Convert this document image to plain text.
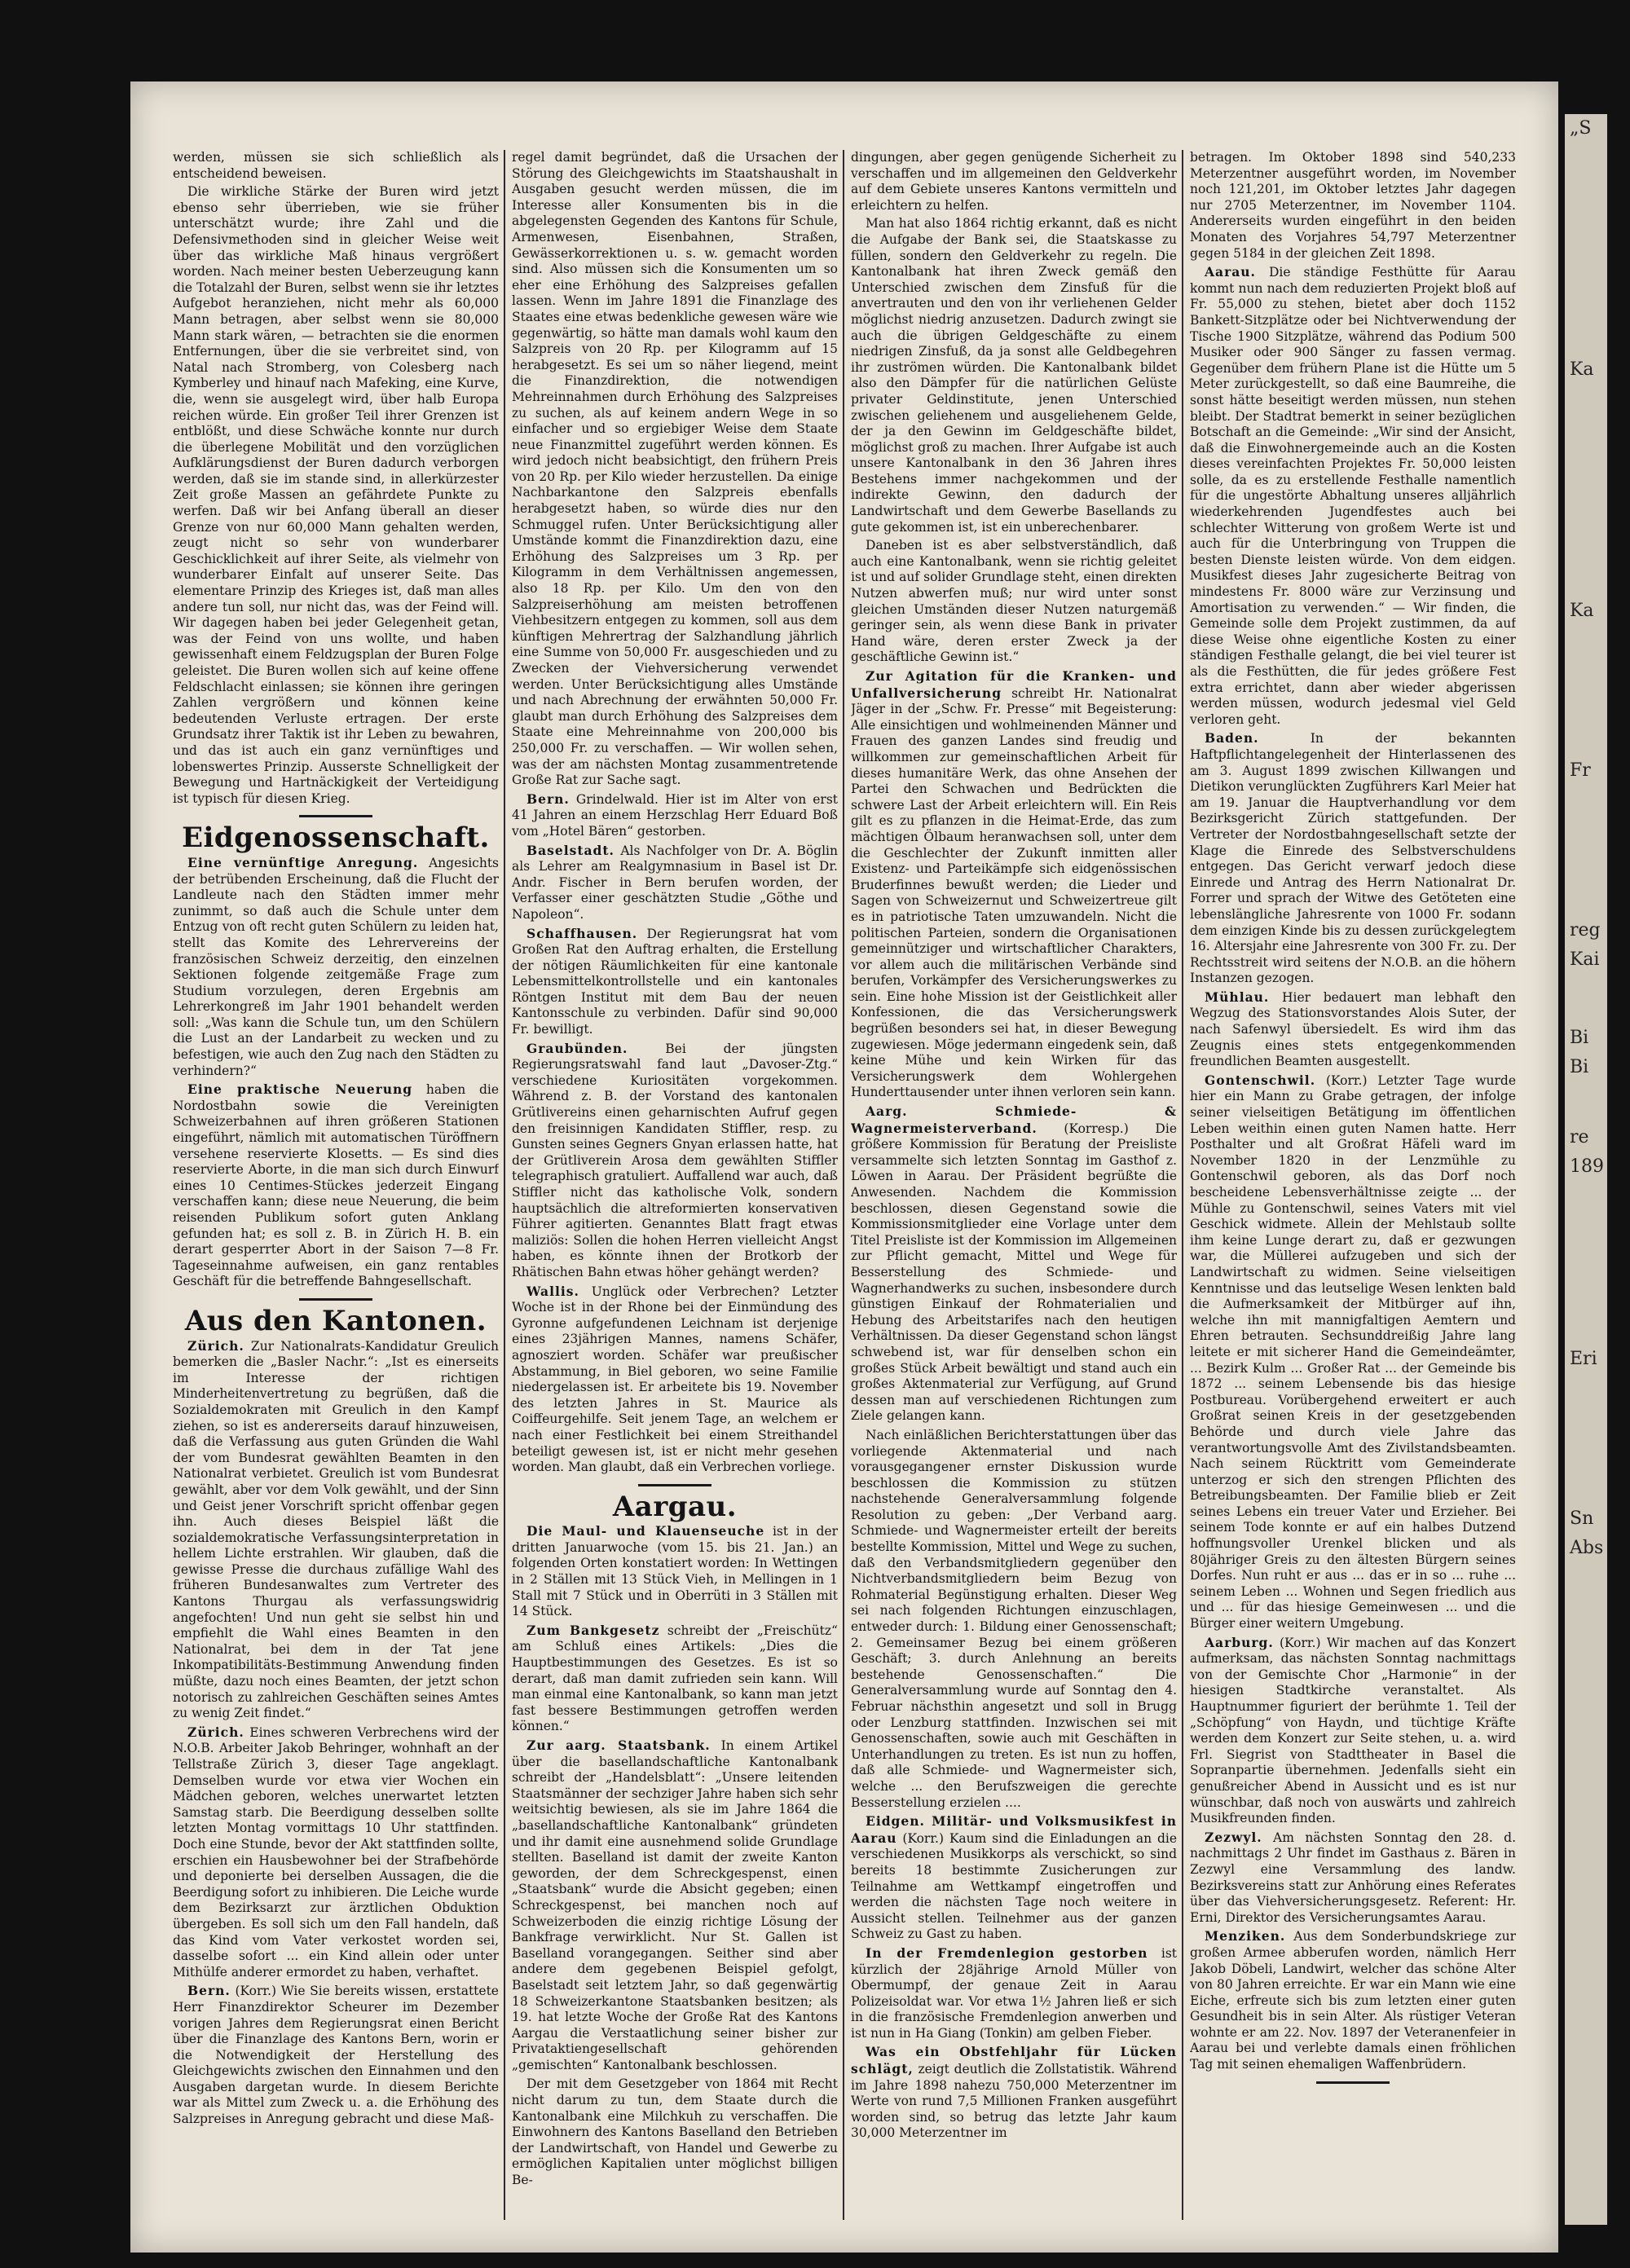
„S
Ka
Ka
Fr
reg
Kai
Bi
Bi
re
189
Eri
Sn
Abs

werden, müssen sie sich schließlich als entscheidend beweisen.

Die wirkliche Stärke der Buren wird jetzt ebenso sehr überrieben, wie sie früher unterschätzt wurde; ihre Zahl und die Defensivmethoden sind in gleicher Weise weit über das wirkliche Maß hinaus vergrößert worden. Nach meiner besten Ueberzeugung kann die Totalzahl der Buren, selbst wenn sie ihr letztes Aufgebot heranziehen, nicht mehr als 60,000 Mann betragen, aber selbst wenn sie 80,000 Mann stark wären, — betrachten sie die enormen Entfernungen, über die sie verbreitet sind, von Natal nach Stromberg, von Colesberg nach Kymberley und hinauf nach Mafeking, eine Kurve, die, wenn sie ausgelegt wird, über halb Europa reichen würde. Ein großer Teil ihrer Grenzen ist entblößt, und diese Schwäche konnte nur durch die überlegene Mobilität und den vorzüglichen Aufklärungsdienst der Buren dadurch verborgen werden, daß sie im stande sind, in allerkürzester Zeit große Massen an gefährdete Punkte zu werfen. Daß wir bei Anfang überall an dieser Grenze von nur 60,000 Mann gehalten werden, zeugt nicht so sehr von wunderbarer Geschicklichkeit auf ihrer Seite, als vielmehr von wunderbarer Einfalt auf unserer Seite. Das elementare Prinzip des Krieges ist, daß man alles andere tun soll, nur nicht das, was der Feind will. Wir dagegen haben bei jeder Gelegenheit getan, was der Feind von uns wollte, und haben gewissenhaft einem Feldzugsplan der Buren Folge geleistet. Die Buren wollen sich auf keine offene Feldschlacht einlassen; sie können ihre geringen Zahlen vergrößern und können keine bedeutenden Verluste ertragen. Der erste Grundsatz ihrer Taktik ist ihr Leben zu bewahren, und das ist auch ein ganz vernünftiges und lobenswertes Prinzip. Ausserste Schnelligkeit der Bewegung und Hartnäckigkeit der Verteidigung ist typisch für diesen Krieg.

Eidgenossenschaft.

Eine vernünftige Anregung. Angesichts der betrübenden Erscheinung, daß die Flucht der Landleute nach den Städten immer mehr zunimmt, so daß auch die Schule unter dem Entzug von oft recht guten Schülern zu leiden hat, stellt das Komite des Lehrervereins der französischen Schweiz derzeitig, den einzelnen Sektionen folgende zeitgemäße Frage zum Studium vorzulegen, deren Ergebnis am Lehrerkongreß im Jahr 1901 behandelt werden soll: „Was kann die Schule tun, um den Schülern die Lust an der Landarbeit zu wecken und zu befestigen, wie auch den Zug nach den Städten zu verhindern?“

Eine praktische Neuerung haben die Nordostbahn sowie die Vereinigten Schweizerbahnen auf ihren größeren Stationen eingeführt, nämlich mit automatischen Türöffnern versehene reservierte Klosetts. — Es sind dies reservierte Aborte, in die man sich durch Einwurf eines 10 Centimes-Stückes jederzeit Eingang verschaffen kann; diese neue Neuerung, die beim reisenden Publikum sofort guten Anklang gefunden hat; es soll z. B. in Zürich H. B. ein derart gesperrter Abort in der Saison 7—8 Fr. Tageseinnahme aufweisen, ein ganz rentables Geschäft für die betreffende Bahngesellschaft.

Aus den Kantonen.

Zürich. Zur Nationalrats-Kandidatur Greulich bemerken die „Basler Nachr.“: „Ist es einerseits im Interesse der richtigen Minderheitenvertretung zu begrüßen, daß die Sozialdemokraten mit Greulich in den Kampf ziehen, so ist es andererseits darauf hinzuweisen, daß die Verfassung aus guten Gründen die Wahl der vom Bundesrat gewählten Beamten in den Nationalrat verbietet. Greulich ist vom Bundesrat gewählt, aber vor dem Volk gewählt, und der Sinn und Geist jener Vorschrift spricht offenbar gegen ihn. Auch dieses Beispiel läßt die sozialdemokratische Verfassungsinterpretation in hellem Lichte erstrahlen. Wir glauben, daß die gewisse Presse die durchaus zufällige Wahl des früheren Bundesanwaltes zum Vertreter des Kantons Thurgau als verfassungswidrig angefochten! Und nun geht sie selbst hin und empfiehlt die Wahl eines Beamten in den Nationalrat, bei dem in der Tat jene Inkompatibilitäts-Bestimmung Anwendung finden müßte, dazu noch eines Beamten, der jetzt schon notorisch zu zahlreichen Geschäften seines Amtes zu wenig Zeit findet.“

Zürich. Eines schweren Verbrechens wird der N.O.B. Arbeiter Jakob Behringer, wohnhaft an der Tellstraße Zürich 3, dieser Tage angeklagt. Demselben wurde vor etwa vier Wochen ein Mädchen geboren, welches unerwartet letzten Samstag starb. Die Beerdigung desselben sollte letzten Montag vormittags 10 Uhr stattfinden. Doch eine Stunde, bevor der Akt stattfinden sollte, erschien ein Hausbewohner bei der Strafbehörde und deponierte bei derselben Aussagen, die die Beerdigung sofort zu inhibieren. Die Leiche wurde dem Bezirksarzt zur ärztlichen Obduktion übergeben. Es soll sich um den Fall handeln, daß das Kind vom Vater verkostet worden sei, dasselbe sofort ... ein Kind allein oder unter Mithülfe anderer ermordet zu haben, verhaftet.

Bern. (Korr.) Wie Sie bereits wissen, erstattete Herr Finanzdirektor Scheurer im Dezember vorigen Jahres dem Regierungsrat einen Bericht über die Finanzlage des Kantons Bern, worin er die Notwendigkeit der Herstellung des Gleichgewichts zwischen den Einnahmen und den Ausgaben dargetan wurde. In diesem Berichte war als Mittel zum Zweck u. a. die Erhöhung des Salzpreises in Anregung gebracht und diese Maß-

regel damit begründet, daß die Ursachen der Störung des Gleichgewichts im Staatshaushalt in Ausgaben gesucht werden müssen, die im Interesse aller Konsumenten bis in die abgelegensten Gegenden des Kantons für Schule, Armenwesen, Eisenbahnen, Straßen, Gewässerkorrektionen u. s. w. gemacht worden sind. Also müssen sich die Konsumenten um so eher eine Erhöhung des Salzpreises gefallen lassen. Wenn im Jahre 1891 die Finanzlage des Staates eine etwas bedenkliche gewesen wäre wie gegenwärtig, so hätte man damals wohl kaum den Salzpreis von 20 Rp. per Kilogramm auf 15 herabgesetzt. Es sei um so näher liegend, meint die Finanzdirektion, die notwendigen Mehreinnahmen durch Erhöhung des Salzpreises zu suchen, als auf keinem andern Wege in so einfacher und so ergiebiger Weise dem Staate neue Finanzmittel zugeführt werden können. Es wird jedoch nicht beabsichtigt, den frühern Preis von 20 Rp. per Kilo wieder herzustellen. Da einige Nachbarkantone den Salzpreis ebenfalls herabgesetzt haben, so würde dies nur den Schmuggel rufen. Unter Berücksichtigung aller Umstände kommt die Finanzdirektion dazu, eine Erhöhung des Salzpreises um 3 Rp. per Kilogramm in dem Verhältnissen angemessen, also 18 Rp. per Kilo. Um den von den Salzpreiserhöhung am meisten betroffenen Viehbesitzern entgegen zu kommen, soll aus dem künftigen Mehrertrag der Salzhandlung jährlich eine Summe von 50,000 Fr. ausgeschieden und zu Zwecken der Viehversicherung verwendet werden. Unter Berücksichtigung alles Umstände und nach Abrechnung der erwähnten 50,000 Fr. glaubt man durch Erhöhung des Salzpreises dem Staate eine Mehreinnahme von 200,000 bis 250,000 Fr. zu verschaffen. — Wir wollen sehen, was der am nächsten Montag zusammentretende Große Rat zur Sache sagt.

Bern. Grindelwald. Hier ist im Alter von erst 41 Jahren an einem Herzschlag Herr Eduard Boß vom „Hotel Bären“ gestorben.

Baselstadt. Als Nachfolger von Dr. A. Böglin als Lehrer am Realgymnasium in Basel ist Dr. Andr. Fischer in Bern berufen worden, der Verfasser einer geschätzten Studie „Göthe und Napoleon“.

Schaffhausen. Der Regierungsrat hat vom Großen Rat den Auftrag erhalten, die Erstellung der nötigen Räumlichkeiten für eine kantonale Lebensmittelkontrollstelle und ein kantonales Röntgen Institut mit dem Bau der neuen Kantonsschule zu verbinden. Dafür sind 90,000 Fr. bewilligt.

Graubünden.	Bei der jüngsten Regierungsratswahl fand laut „Davoser-Ztg.“ verschiedene Kuriositäten vorgekommen. Während z. B. der Vorstand des kantonalen Grütlivereins einen geharnischten Aufruf gegen den freisinnigen Kandidaten Stiffler, resp. zu Gunsten seines Gegners Gnyan erlassen hatte, hat der Grütliverein Arosa dem gewählten Stiffler telegraphisch gratuliert. Auffallend war auch, daß Stiffler nicht das katholische Volk, sondern hauptsächlich die altreformierten konservativen Führer agitierten. Genanntes Blatt fragt etwas maliziös: Sollen die hohen Herren vielleicht Angst haben, es könnte ihnen der Brotkorb der Rhätischen Bahn etwas höher gehängt werden?

Wallis. Unglück oder Verbrechen? Letzter Woche ist in der Rhone bei der Einmündung des Gyronne aufgefundenen Leichnam ist derjenige eines 23jährigen Mannes, namens Schäfer, agnosziert worden. Schäfer war preußischer Abstammung, in Biel geboren, wo seine Familie niedergelassen ist. Er arbeitete bis 19. November des letzten Jahres in St. Maurice als Coiffeurgehilfe. Seit jenem Tage, an welchem er nach einer Festlichkeit bei einem Streithandel beteiligt gewesen ist, ist er nicht mehr gesehen worden. Man glaubt, daß ein Verbrechen vorliege.

Aargau.

Die Maul- und Klauenseuche ist in der dritten Januarwoche (vom 15. bis 21. Jan.) an folgenden Orten konstatiert worden: In Wettingen in 2 Ställen mit 13 Stück Vieh, in Mellingen in 1 Stall mit 7 Stück und in Oberrüti in 3 Ställen mit 14 Stück.

Zum Bankgesetz schreibt der „Freischütz“ am Schluß eines Artikels: „Dies die Hauptbestimmungen des Gesetzes. Es ist so derart, daß man damit zufrieden sein kann. Will man einmal eine Kantonalbank, so kann man jetzt fast bessere Bestimmungen getroffen werden können.“

Zur aarg. Staatsbank. In einem Artikel über die basellandschaftliche Kantonalbank schreibt der „Handelsblatt“: „Unsere leitenden Staatsmänner der sechziger Jahre haben sich sehr weitsichtig bewiesen, als sie im Jahre 1864 die „basellandschaftliche Kantonalbank“ gründeten und ihr damit eine ausnehmend solide Grundlage stellten. Baselland ist damit der zweite Kanton geworden, der dem Schreckgespenst, einen „Staatsbank“ wurde die Absicht gegeben; einen Schreckgespenst, bei manchen noch auf Schweizerboden die einzig richtige Lösung der Bankfrage verwirklicht. Nur St. Gallen ist Baselland vorangegangen. Seither sind aber andere dem gegebenen Beispiel gefolgt, Baselstadt seit letztem Jahr, so daß gegenwärtig 18 Schweizerkantone Staatsbanken besitzen; als 19. hat letzte Woche der Große Rat des Kantons Aargau die Verstaatlichung seiner bisher zur Privataktiengesellschaft gehörenden „gemischten“ Kantonalbank beschlossen.

Der mit dem Gesetzgeber von 1864 mit Recht nicht darum zu tun, dem Staate durch die Kantonalbank eine Milchkuh zu verschaffen. Die Einwohnern des Kantons Baselland den Betrieben der Landwirtschaft, von Handel und Gewerbe zu ermöglichen Kapitalien unter möglichst billigen Be-

dingungen, aber gegen genügende Sicherheit zu verschaffen und im allgemeinen den Geldverkehr auf dem Gebiete unseres Kantons vermitteln und erleichtern zu helfen.

Man hat also 1864 richtig erkannt, daß es nicht die Aufgabe der Bank sei, die Staatskasse zu füllen, sondern den Geldverkehr zu regeln. Die Kantonalbank hat ihren Zweck gemäß den Unterschied zwischen dem Zinsfuß für die anvertrauten und den von ihr verliehenen Gelder möglichst niedrig anzusetzen. Dadurch zwingt sie auch die übrigen Geldgeschäfte zu einem niedrigen Zinsfuß, da ja sonst alle Geldbegehren ihr zuströmen würden. Die Kantonalbank bildet also den Dämpfer für die natürlichen Gelüste privater Geldinstitute, jenen Unterschied zwischen geliehenem und ausgeliehenem Gelde, der ja den Gewinn im Geldgeschäfte bildet, möglichst groß zu machen. Ihrer Aufgabe ist auch unsere Kantonalbank in den 36 Jahren ihres Bestehens immer nachgekommen und der indirekte Gewinn, den dadurch der Landwirtschaft und dem Gewerbe Basellands zu gute gekommen ist, ist ein unberechenbarer.

Daneben ist es aber selbstverständlich, daß auch eine Kantonalbank, wenn sie richtig geleitet ist und auf solider Grundlage steht, einen direkten Nutzen abwerfen muß; nur wird unter sonst gleichen Umständen dieser Nutzen naturgemäß geringer sein, als wenn diese Bank in privater Hand wäre, deren erster Zweck ja der geschäftliche Gewinn ist.“

Zur Agitation für die Kranken- und Unfallversicherung schreibt Hr. Nationalrat Jäger in der „Schw. Fr. Presse“ mit Begeisterung: Alle einsichtigen und wohlmeinenden Männer und Frauen des ganzen Landes sind freudig und willkommen zur gemeinschaftlichen Arbeit für dieses humanitäre Werk, das ohne Ansehen der Partei den Schwachen und Bedrückten die schwere Last der Arbeit erleichtern will. Ein Reis gilt es zu pflanzen in die Heimat-Erde, das zum mächtigen Ölbaum heranwachsen soll, unter dem die Geschlechter der Zukunft inmitten aller Existenz- und Parteikämpfe sich eidgenössischen Bruderfinnes bewußt werden; die Lieder und Sagen von Schweizernut und Schweizertreue gilt es in patriotische Taten umzuwandeln. Nicht die politischen Parteien, sondern die Organisationen gemeinnütziger und wirtschaftlicher Charakters, vor allem auch die militärischen Verbände sind berufen, Vorkämpfer des Versicherungswerkes zu sein. Eine hohe Mission ist der Geistlichkeit aller Konfessionen, die das Versicherungswerk begrüßen besonders sei hat, in dieser Bewegung zugewiesen. Möge jedermann eingedenk sein, daß keine Mühe und kein Wirken für das Versicherungswerk dem Wohlergehen Hunderttausender unter ihnen verloren sein kann.

Aarg. Schmiede- & Wagnermeisterverband. (Korresp.) Die größere Kommission für Beratung der Preisliste versammelte sich letzten Sonntag im Gasthof z. Löwen in Aarau. Der Präsident begrüßte die Anwesenden. Nachdem die Kommission beschlossen, diesen Gegenstand sowie die Kommissionsmitglieder eine Vorlage unter dem Titel Preisliste ist der Kommission im Allgemeinen zur Pflicht gemacht, Mittel und Wege für Besserstellung des Schmiede- und Wagnerhandwerks zu suchen, insbesondere durch günstigen Einkauf der Rohmaterialien und Hebung des Arbeitstarifes nach den heutigen Verhältnissen. Da dieser Gegenstand schon längst schwebend ist, war für denselben schon ein großes Stück Arbeit bewältigt und stand auch ein großes Aktenmaterial zur Verfügung, auf Grund dessen man auf verschiedenen Richtungen zum Ziele gelangen kann.

Nach einläßlichen Berichterstattungen über das vorliegende Aktenmaterial und nach vorausgegangener ernster Diskussion wurde beschlossen die Kommission zu stützen nachstehende Generalversammlung folgende Resolution zu geben: „Der Verband aarg. Schmiede- und Wagnermeister erteilt der bereits bestellte Kommission, Mittel und Wege zu suchen, daß den Verbandsmitgliedern gegenüber den Nichtverbandsmitgliedern beim Bezug von Rohmaterial Begünstigung erhalten. Dieser Weg sei nach folgenden Richtungen einzuschlagen, entweder durch: 1. Bildung einer Genossenschaft; 2. Gemeinsamer Bezug bei einem größeren Geschäft; 3. durch Anlehnung an bereits bestehende Genossenschaften.“ Die Generalversammlung wurde auf Sonntag den 4. Februar nächsthin angesetzt und soll in Brugg oder Lenzburg stattfinden. Inzwischen sei mit Genossenschaften, sowie auch mit Geschäften in Unterhandlungen zu treten. Es ist nun zu hoffen, daß alle Schmiede- und Wagnermeister sich, welche ... den Berufszweigen die gerechte Besserstellung erzielen ....

Eidgen. Militär- und Volksmusikfest in Aarau (Korr.) Kaum sind die Einladungen an die verschiedenen Musikkorps als verschickt, so sind bereits 18 bestimmte Zusicherungen zur Teilnahme am Wettkampf eingetroffen und werden die nächsten Tage noch weitere in Aussicht stellen. Teilnehmer aus der ganzen Schweiz zu Gast zu haben.

In der Fremdenlegion gestorben ist kürzlich der 28jährige Arnold Müller von Obermumpf, der genaue Zeit in Aarau Polizeisoldat war. Vor etwa 1½ Jahren ließ er sich in die französische Fremdenlegion anwerben und ist nun in Ha Giang (Tonkin) am gelben Fieber.

Was ein Obstfehljahr für Lücken schlägt, zeigt deutlich die Zollstatistik. Während im Jahre 1898 nahezu 750,000 Meterzentner im Werte von rund 7,5 Millionen Franken ausgeführt worden sind, so betrug das letzte Jahr kaum 30,000 Meterzentner im

betragen. Im Oktober 1898 sind 540,233 Meterzentner ausgeführt worden, im November noch 121,201, im Oktober letztes Jahr dagegen nur 2705 Meterzentner, im November 1104. Andererseits wurden eingeführt in den beiden Monaten des Vorjahres 54,797 Meterzentner gegen 5184 in der gleichen Zeit 1898.

Aarau. Die ständige Festhütte für Aarau kommt nun nach dem reduzierten Projekt bloß auf Fr. 55,000 zu stehen, bietet aber doch 1152 Bankett-Sitzplätze oder bei Nichtverwendung der Tische 1900 Sitzplätze, während das Podium 500 Musiker oder 900 Sänger zu fassen vermag. Gegenüber dem frühern Plane ist die Hütte um 5 Meter zurückgestellt, so daß eine Baumreihe, die sonst hätte beseitigt werden müssen, nun stehen bleibt. Der Stadtrat bemerkt in seiner bezüglichen Botschaft an die Gemeinde: „Wir sind der Ansicht, daß die Einwohnergemeinde auch an die Kosten dieses vereinfachten Projektes Fr. 50,000 leisten solle, da es zu erstellende Festhalle namentlich für die ungestörte Abhaltung unseres alljährlich wiederkehrenden Jugendfestes auch bei schlechter Witterung von großem Werte ist und auch für die Unterbringung von Truppen die besten Dienste leisten würde. Von dem eidgen. Musikfest dieses Jahr zugesicherte Beitrag von mindestens Fr. 8000 wäre zur Verzinsung und Amortisation zu verwenden.“ — Wir finden, die Gemeinde solle dem Projekt zustimmen, da auf diese Weise ohne eigentliche Kosten zu einer ständigen Festhalle gelangt, die bei viel teurer ist als die Festhütten, die für jedes größere Fest extra errichtet, dann aber wieder abgerissen werden müssen, wodurch jedesmal viel Geld verloren geht.

Baden.	In der bekannten Haftpflichtangelegenheit der Hinterlassenen des am 3. August 1899 zwischen Killwangen und Dietikon verunglückten Zugführers Karl Meier hat am 19. Januar die Hauptverhandlung vor dem Bezirksgericht Zürich stattgefunden. Der Vertreter der Nordostbahngesellschaft setzte der Klage die Einrede des Selbstverschuldens entgegen. Das Gericht verwarf jedoch diese Einrede und Antrag des Herrn Nationalrat Dr. Forrer und sprach der Witwe des Getöteten eine lebenslängliche Jahresrente von 1000 Fr. sodann dem einzigen Kinde bis zu dessen zurückgelegtem 16. Altersjahr eine Jahresrente von 300 Fr. zu. Der Rechtsstreit wird seitens der N.O.B. an die höhern Instanzen gezogen.

Mühlau. Hier bedauert man lebhaft den Wegzug des Stationsvorstandes Alois Suter, der nach Safenwyl übersiedelt. Es wird ihm das Zeugnis eines stets entgegenkommenden freundlichen Beamten ausgestellt.

Gontenschwil. (Korr.) Letzter Tage wurde hier ein Mann zu Grabe getragen, der infolge seiner vielseitigen Betätigung im öffentlichen Leben weithin einen guten Namen hatte. Herr Posthalter und alt Großrat Häfeli ward im November 1820 in der Lenzmühle zu Gontenschwil geboren, als das Dorf noch bescheidene Lebensverhältnisse zeigte ... der Mühle zu Gontenschwil, seines Vaters mit viel Geschick widmete. Allein der Mehlstaub sollte ihm keine Lunge derart zu, daß er gezwungen war, die Müllerei aufzugeben und sich der Landwirtschaft zu widmen. Seine vielseitigen Kenntnisse und das leutselige Wesen lenkten bald die Aufmerksamkeit der Mitbürger auf ihn, welche ihn mit mannigfaltigen Aemtern und Ehren betrauten. Sechsunddreißig Jahre lang leitete er mit sicherer Hand die Gemeindeämter, ... Bezirk Kulm ... Großer Rat ... der Gemeinde bis 1872 ... seinem Lebensende bis das hiesige Postbureau. Vorübergehend erweitert er auch Großrat seinen Kreis in der gesetzgebenden Behörde und durch viele Jahre das verantwortungsvolle Amt des Zivilstandsbeamten. Nach seinem Rücktritt vom Gemeinderate unterzog er sich den strengen Pflichten des Betreibungsbeamten. Der Familie blieb er Zeit seines Lebens ein treuer Vater und Erzieher. Bei seinem Tode konnte er auf ein halbes Dutzend hoffnungsvoller Urenkel blicken und als 80jähriger Greis zu den ältesten Bürgern seines Dorfes. Nun ruht er aus ... das er in so ... ruhe ... seinem Leben ... Wohnen und Segen friedlich aus und ... für das hiesige Gemeinwesen ... und die Bürger einer weitern Umgebung.

Aarburg. (Korr.) Wir machen auf das Konzert aufmerksam, das nächsten Sonntag nachmittags von der Gemischte Chor „Harmonie“ in der hiesigen Stadtkirche veranstaltet. Als Hauptnummer figuriert der berühmte 1. Teil der „Schöpfung“ von Haydn, und tüchtige Kräfte werden dem Konzert zur Seite stehen, u. a. wird Frl. Siegrist von Stadttheater in Basel die Sopranpartie übernehmen. Jedenfalls sieht ein genußreicher Abend in Aussicht und es ist nur wünschbar, daß noch von auswärts und zahlreich Musikfreunden finden.

Zezwyl. Am nächsten Sonntag den 28. d. nachmittags 2 Uhr findet im Gasthaus z. Bären in Zezwyl eine Versammlung des landw. Bezirksvereins statt zur Anhörung eines Referates über das Viehversicherungsgesetz. Referent: Hr. Erni, Direktor des Versicherungsamtes Aarau.

Menziken. Aus dem Sonderbundskriege zur großen Armee abberufen worden, nämlich Herr Jakob Döbeli, Landwirt, welcher das schöne Alter von 80 Jahren erreichte. Er war ein Mann wie eine Eiche, erfreute sich bis zum letzten einer guten Gesundheit bis in sein Alter. Als rüstiger Veteran wohnte er am 22. Nov. 1897 der Veteranenfeier in Aarau bei und verlebte damals einen fröhlichen Tag mit seinen ehemaligen Waffenbrüdern.
